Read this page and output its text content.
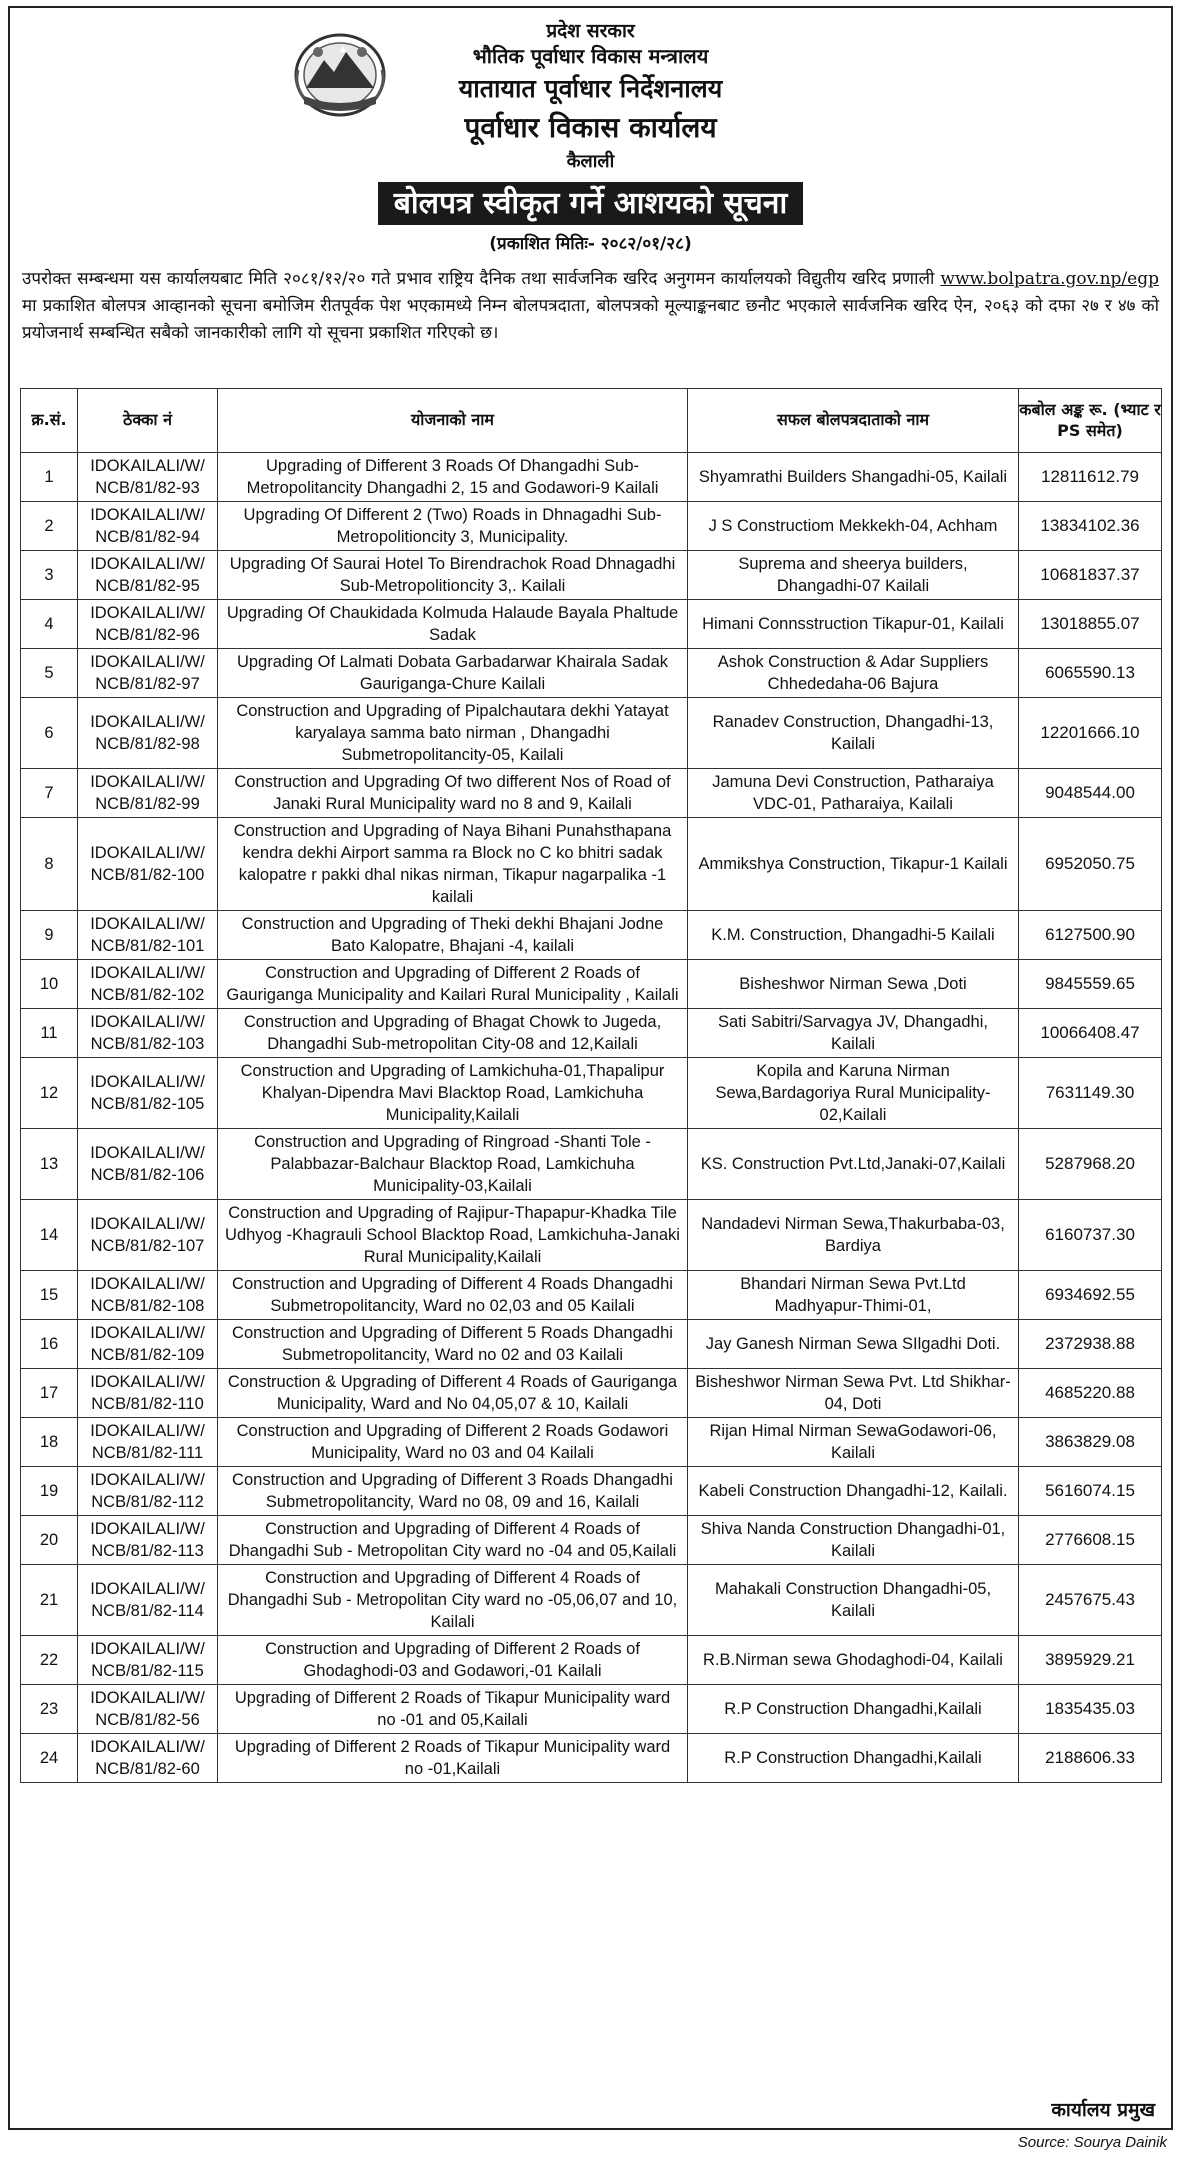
प्रदेश सरकार
भौतिक पूर्वाधार विकास मन्त्रालय
यातायात पूर्वाधार निर्देशनालय
पूर्वाधार विकास कार्यालय
कैलाली
बोलपत्र स्वीकृत गर्ने आशयको सूचना
(प्रकाशित मितिः- २०८२/०१/२८)

उपरोक्त सम्बन्धमा यस कार्यालयबाट मिति २०८१/१२/२० गते प्रभाव राष्ट्रिय दैनिक तथा सार्वजनिक खरिद अनुगमन कार्यालयको विद्युतीय खरिद प्रणाली www.bolpatra.gov.np/egp मा प्रकाशित बोलपत्र आव्हानको सूचना बमोजिम रीतपूर्वक पेश भएकामध्ये निम्न बोलपत्रदाता, बोलपत्रको मूल्याङ्कनबाट छनौट भएकाले सार्वजनिक खरिद ऐन, २०६३ को दफा २७ र ४७ को प्रयोजनार्थ सम्बन्धित सबैको जानकारीको लागि यो सूचना प्रकाशित गरिएको छ।

क्र.सं.	ठेक्का नं	योजनाको नाम	सफल बोलपत्रदाताको नाम	कबोल अङ्क रू. (भ्याट र PS समेत)
1	IDOKAILALI/W/ NCB/81/82-93	Upgrading of Different 3 Roads Of Dhangadhi Sub-Metropolitancity Dhangadhi 2, 15 and Godawori-9 Kailali	Shyamrathi Builders Shangadhi-05, Kailali	12811612.79
2	IDOKAILALI/W/ NCB/81/82-94	Upgrading Of Different 2 (Two) Roads in Dhnagadhi Sub-Metropolitioncity 3, Municipality.	J S Constructiom Mekkekh-04, Achham	13834102.36
3	IDOKAILALI/W/ NCB/81/82-95	Upgrading Of Saurai Hotel To Birendrachok Road Dhnagadhi Sub-Metropolitioncity 3,. Kailali	Suprema and sheerya builders, Dhangadhi-07 Kailali	10681837.37
4	IDOKAILALI/W/ NCB/81/82-96	Upgrading Of Chaukidada Kolmuda Halaude Bayala Phaltude Sadak	Himani Connsstruction Tikapur-01, Kailali	13018855.07
5	IDOKAILALI/W/ NCB/81/82-97	Upgrading Of Lalmati Dobata Garbadarwar Khairala Sadak Gauriganga-Chure Kailali	Ashok Construction & Adar Suppliers Chhededaha-06 Bajura	6065590.13
6	IDOKAILALI/W/ NCB/81/82-98	Construction and Upgrading of Pipalchautara dekhi Yatayat karyalaya samma bato nirman , Dhangadhi Submetropolitancity-05, Kailali	Ranadev Construction, Dhangadhi-13, Kailali	12201666.10
7	IDOKAILALI/W/ NCB/81/82-99	Construction and Upgrading Of two different Nos of Road of Janaki Rural Municipality ward no 8 and 9, Kailali	Jamuna Devi Construction, Patharaiya VDC-01, Patharaiya, Kailali	9048544.00
8	IDOKAILALI/W/ NCB/81/82-100	Construction and Upgrading of Naya Bihani Punahsthapana kendra dekhi Airport samma ra Block no C ko bhitri sadak kalopatre r pakki dhal nikas nirman, Tikapur nagarpalika -1 kailali	Ammikshya Construction, Tikapur-1 Kailali	6952050.75
9	IDOKAILALI/W/ NCB/81/82-101	Construction and Upgrading of Theki dekhi Bhajani Jodne Bato Kalopatre, Bhajani -4, kailali	K.M. Construction, Dhangadhi-5 Kailali	6127500.90
10	IDOKAILALI/W/ NCB/81/82-102	Construction and Upgrading of Different 2 Roads of Gauriganga Municipality and Kailari Rural Municipality , Kailali	Bisheshwor Nirman Sewa ,Doti	9845559.65
11	IDOKAILALI/W/ NCB/81/82-103	Construction and Upgrading of Bhagat Chowk to Jugeda, Dhangadhi Sub-metropolitan City-08 and 12,Kailali	Sati Sabitri/Sarvagya JV, Dhangadhi, Kailali	10066408.47
12	IDOKAILALI/W/ NCB/81/82-105	Construction and Upgrading of Lamkichuha-01,Thapalipur Khalyan-Dipendra Mavi Blacktop Road, Lamkichuha Municipality,Kailali	Kopila and Karuna Nirman Sewa,Bardagoriya Rural Municipality-02,Kailali	7631149.30
13	IDOKAILALI/W/ NCB/81/82-106	Construction and Upgrading of Ringroad -Shanti Tole -Palabbazar-Balchaur Blacktop Road, Lamkichuha Municipality-03,Kailali	KS. Construction Pvt.Ltd,Janaki-07,Kailali	5287968.20
14	IDOKAILALI/W/ NCB/81/82-107	Construction and Upgrading of Rajipur-Thapapur-Khadka Tile Udhyog -Khagrauli School Blacktop Road, Lamkichuha-Janaki Rural Municipality,Kailali	Nandadevi Nirman Sewa,Thakurbaba-03, Bardiya	6160737.30
15	IDOKAILALI/W/ NCB/81/82-108	Construction and Upgrading of Different 4 Roads Dhangadhi Submetropolitancity, Ward no 02,03 and 05 Kailali	Bhandari Nirman Sewa Pvt.Ltd Madhyapur-Thimi-01,	6934692.55
16	IDOKAILALI/W/ NCB/81/82-109	Construction and Upgrading of Different 5 Roads Dhangadhi Submetropolitancity, Ward no 02 and 03 Kailali	Jay Ganesh Nirman Sewa SIlgadhi Doti.	2372938.88
17	IDOKAILALI/W/ NCB/81/82-110	Construction & Upgrading of Different 4 Roads of Gauriganga Municipality, Ward and No 04,05,07 & 10, Kailali	Bisheshwor Nirman Sewa Pvt. Ltd Shikhar-04, Doti	4685220.88
18	IDOKAILALI/W/ NCB/81/82-111	Construction and Upgrading of Different 2 Roads Godawori Municipality, Ward no 03 and 04 Kailali	Rijan Himal Nirman SewaGodawori-06, Kailali	3863829.08
19	IDOKAILALI/W/ NCB/81/82-112	Construction and Upgrading of Different 3 Roads Dhangadhi Submetropolitancity, Ward no 08, 09 and 16, Kailali	Kabeli Construction Dhangadhi-12, Kailali.	5616074.15
20	IDOKAILALI/W/ NCB/81/82-113	Construction and Upgrading of Different 4 Roads of Dhangadhi Sub - Metropolitan City ward no -04 and 05,Kailali	Shiva Nanda Construction Dhangadhi-01, Kailali	2776608.15
21	IDOKAILALI/W/ NCB/81/82-114	Construction and Upgrading of Different 4 Roads of Dhangadhi Sub - Metropolitan City ward no -05,06,07 and 10, Kailali	Mahakali Construction Dhangadhi-05, Kailali	2457675.43
22	IDOKAILALI/W/ NCB/81/82-115	Construction and Upgrading of Different 2 Roads of Ghodaghodi-03 and Godawori,-01 Kailali	R.B.Nirman sewa Ghodaghodi-04, Kailali	3895929.21
23	IDOKAILALI/W/ NCB/81/82-56	Upgrading of Different 2 Roads of Tikapur Municipality ward no -01 and 05,Kailali	R.P Construction Dhangadhi,Kailali	1835435.03
24	IDOKAILALI/W/ NCB/81/82-60	Upgrading of Different 2 Roads of Tikapur Municipality ward no -01,Kailali	R.P Construction Dhangadhi,Kailali	2188606.33
कार्यालय प्रमुख
Source: Sourya Dainik
